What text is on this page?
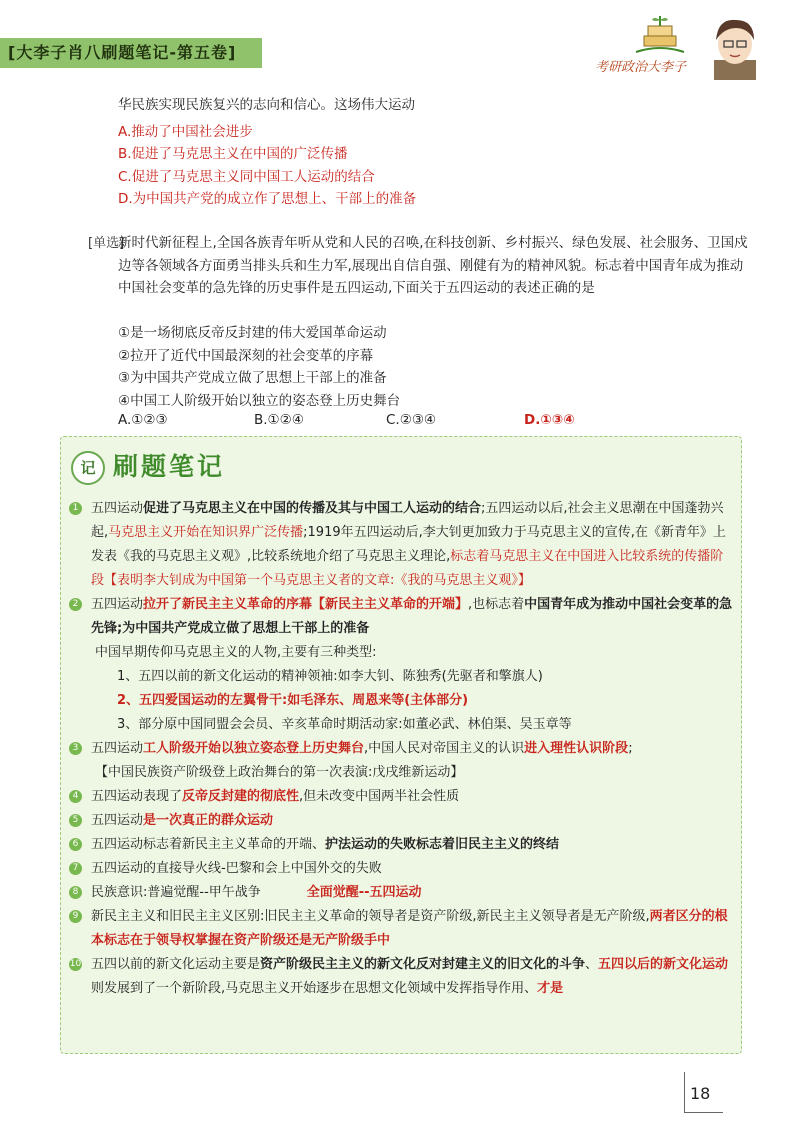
[大李子肖八刷题笔记-第五卷]
考研政治大李子
华民族实现民族复兴的志向和信心。这场伟大运动
A.推动了中国社会进步
B.促进了马克思主义在中国的广泛传播
C.促进了马克思主义同中国工人运动的结合
D.为中国共产党的成立作了思想上、干部上的准备
[单选]
新时代新征程上,全国各族青年听从党和人民的召唤,在科技创新、乡村振兴、绿色发展、社会服务、卫国戍边等各领域各方面勇当排头兵和生力军,展现出自信自强、刚健有为的精神风貌。标志着中国青年成为推动中国社会变革的急先锋的历史事件是五四运动,下面关于五四运动的表述正确的是
①是一场彻底反帝反封建的伟大爱国革命运动
②拉开了近代中国最深刻的社会变革的序幕
③为中国共产党成立做了思想上干部上的准备
④中国工人阶级开始以独立的姿态登上历史舞台
A.①②③	B.①②④	C.②③④	D.①③④
记 刷题笔记
1 五四运动促进了马克思主义在中国的传播及其与中国工人运动的结合;五四运动以后,社会主义思潮在中国蓬勃兴起,马克思主义开始在知识界广泛传播;1919年五四运动后,李大钊更加致力于马克思主义的宣传,在《新青年》上发表《我的马克思主义观》,比较系统地介绍了马克思主义理论,标志着马克思主义在中国进入比较系统的传播阶段【表明李大钊成为中国第一个马克思主义者的文章:《我的马克思主义观》】
2 五四运动拉开了新民主主义革命的序幕【新民主主义革命的开端】,也标志着中国青年成为推动中国社会变革的急先锋;为中国共产党成立做了思想上干部上的准备
中国早期传仰马克思主义的人物,主要有三种类型:
1、五四以前的新文化运动的精神领袖:如李大钊、陈独秀(先驱者和擎旗人)
2、五四爱国运动的左翼骨干:如毛泽东、周恩来等(主体部分)
3、部分原中国同盟会会员、辛亥革命时期活动家:如董必武、林伯渠、吴玉章等
3 五四运动工人阶级开始以独立姿态登上历史舞台,中国人民对帝国主义的认识进入理性认识阶段;
【中国民族资产阶级登上政治舞台的第一次表演:戊戌维新运动】
4 五四运动表现了反帝反封建的彻底性,但未改变中国两半社会性质
5 五四运动是一次真正的群众运动
6 五四运动标志着新民主主义革命的开端、护法运动的失败标志着旧民主主义的终结
7 五四运动的直接导火线-巴黎和会上中国外交的失败
8 民族意识:普遍觉醒--甲午战争	全面觉醒--五四运动
9 新民主主义和旧民主主义区别:旧民主主义革命的领导者是资产阶级,新民主主义领导者是无产阶级,两者区分的根本标志在于领导权掌握在资产阶级还是无产阶级手中
10 五四以前的新文化运动主要是资产阶级民主主义的新文化反对封建主义的旧文化的斗争、五四以后的新文化运动则发展到了一个新阶段,马克思主义开始逐步在思想文化领域中发挥指导作用、才是
18
